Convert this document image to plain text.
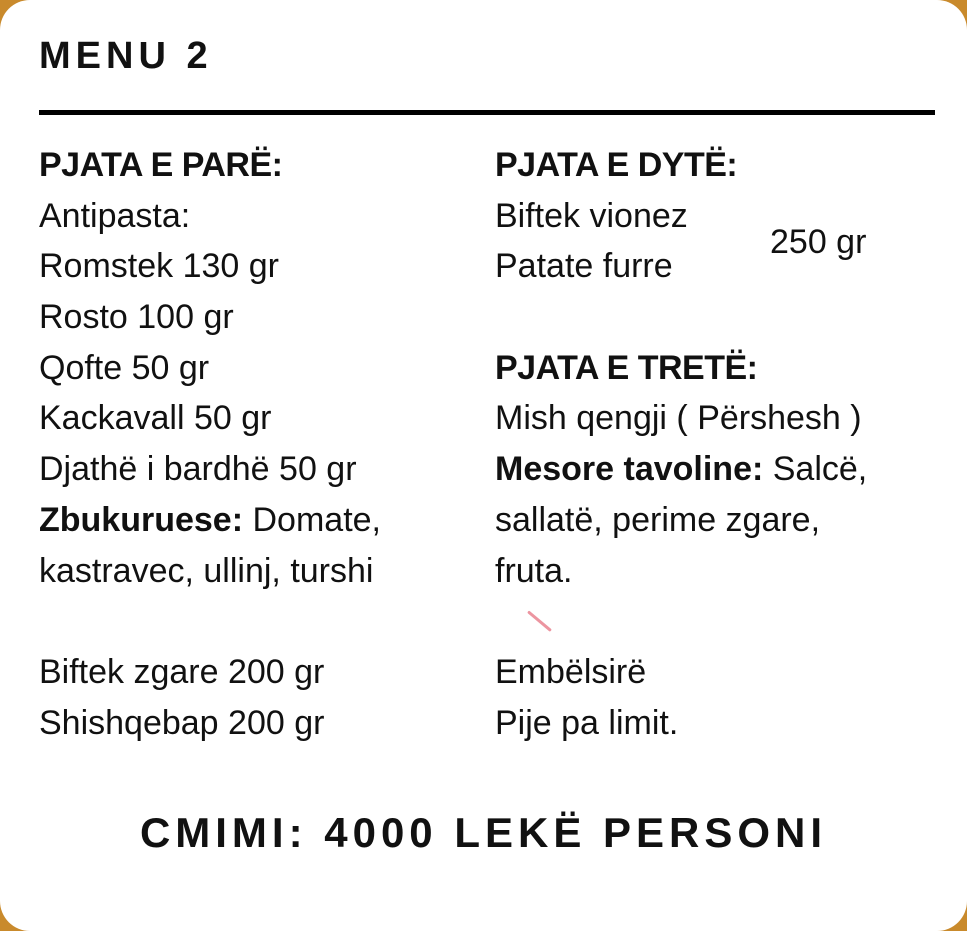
MENU 2
PJATA E PARË:
Antipasta:
Romstek 130 gr
Rosto 100 gr
Qofte 50 gr
Kackavall 50 gr
Djathë i bardhë 50 gr
Zbukuruese: Domate,
kastravec, ullinj, turshi
Biftek zgare 200 gr
Shishqebap 200 gr
PJATA E DYTË:
Biftek vionez
Patate furre
PJATA E TRETË:
Mish qengji ( Përshesh )
Mesore tavoline: Salcë,
sallatë, perime zgare,
fruta.
Embëlsirë
Pije pa limit.
250 gr
CMIMI: 4000 LEKË PERSONI
